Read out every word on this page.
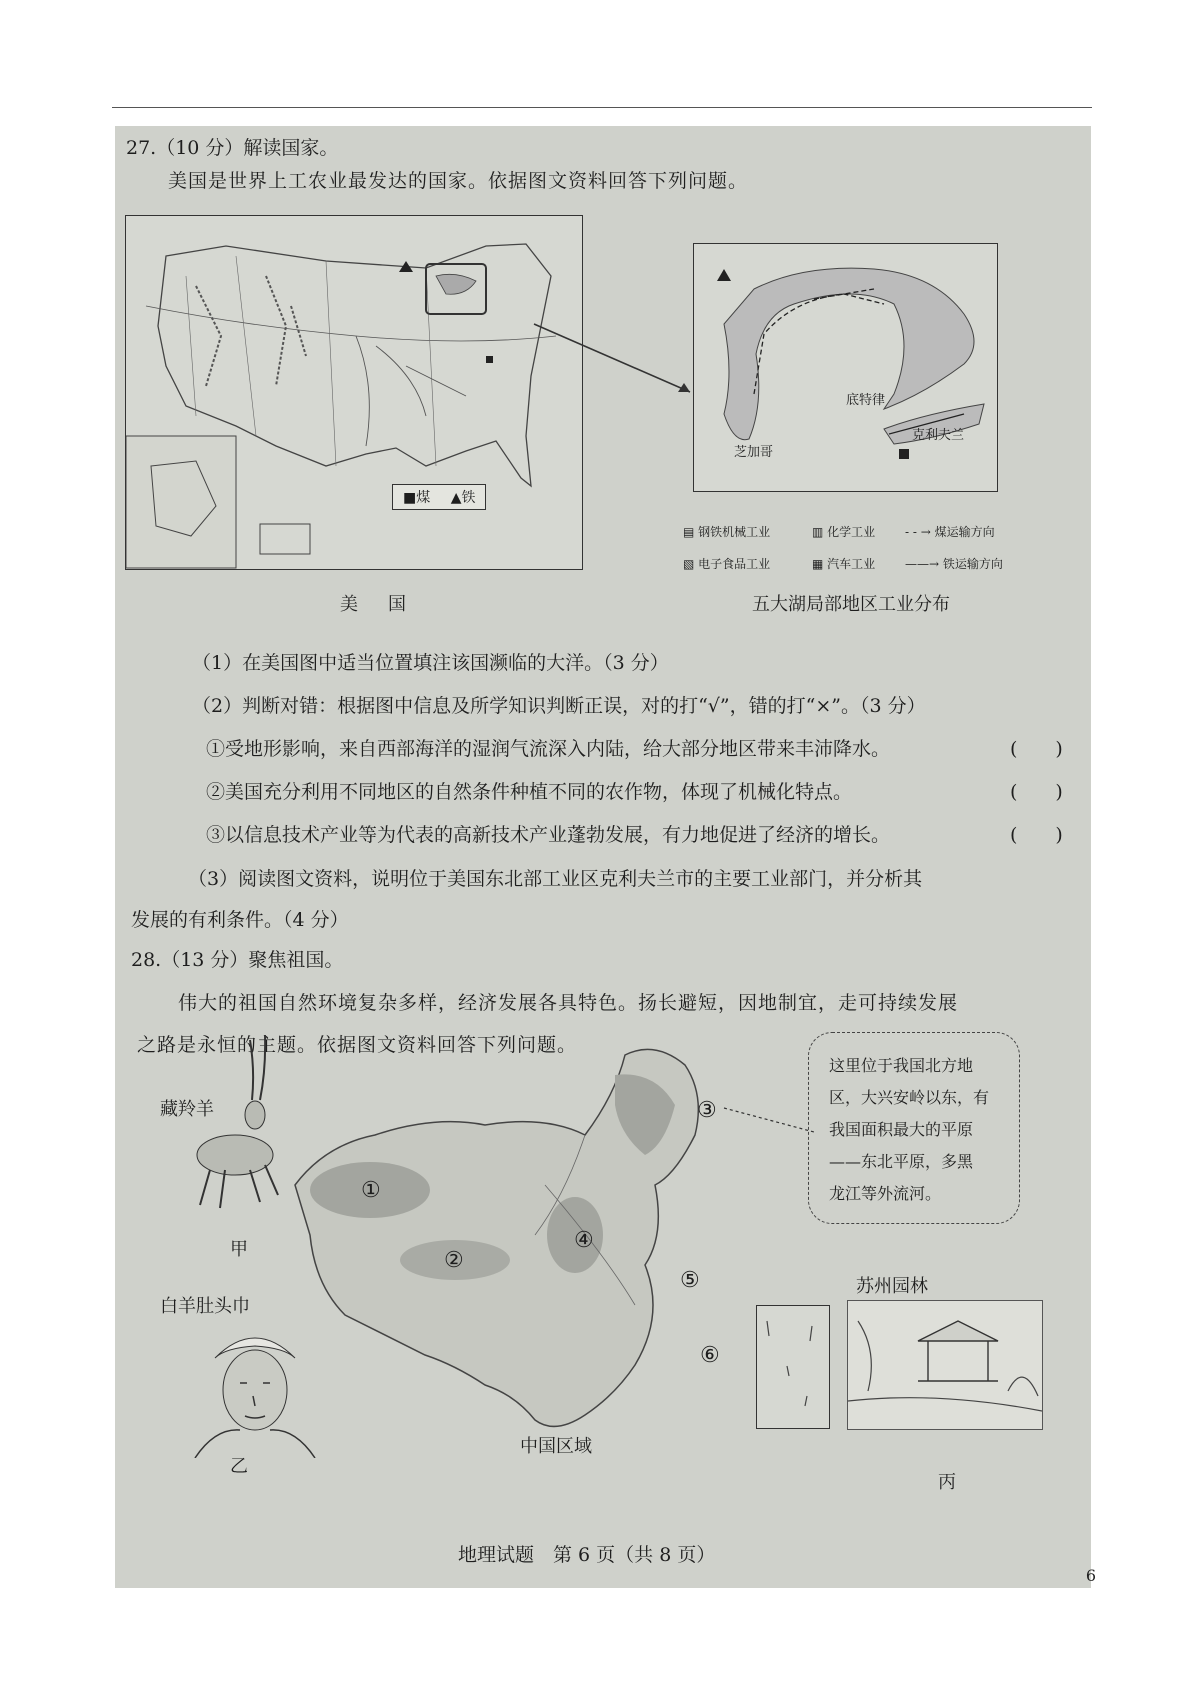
27.（10 分）解读国家。
美国是世界上工农业最发达的国家。依据图文资料回答下列问题。
■煤 ▲铁
芝加哥
底特律
克利夫兰
▤ 钢铁机械工业	▥ 化学工业 - - → 煤运输方向
▧ 电子食品工业	▦ 汽车工业 ——→ 铁运输方向
美　国	五大湖局部地区工业分布
（1）在美国图中适当位置填注该国濒临的大洋。（3 分）
（2）判断对错：根据图中信息及所学知识判断正误，对的打“√”，错的打“×”。（3 分）
①受地形影响，来自西部海洋的湿润气流深入内陆，给大部分地区带来丰沛降水。	(　　)
②美国充分利用不同地区的自然条件种植不同的农作物，体现了机械化特点。	(　　)
③以信息技术产业等为代表的高新技术产业蓬勃发展，有力地促进了经济的增长。	(　　)
（3）阅读图文资料，说明位于美国东北部工业区克利夫兰市的主要工业部门，并分析其
发展的有利条件。（4 分）
28.（13 分）聚焦祖国。
伟大的祖国自然环境复杂多样，经济发展各具特色。扬长避短，因地制宜，走可持续发展
之路是永恒的主题。依据图文资料回答下列问题。
藏羚羊
甲
白羊肚头巾
乙
①
②
③
④
⑤
⑥
这里位于我国北方地
区，大兴安岭以东，有
我国面积最大的平原
——东北平原，多黑
龙江等外流河。
苏州园林
丙
中国区域
地理试题　第 6 页（共 8 页）
6
